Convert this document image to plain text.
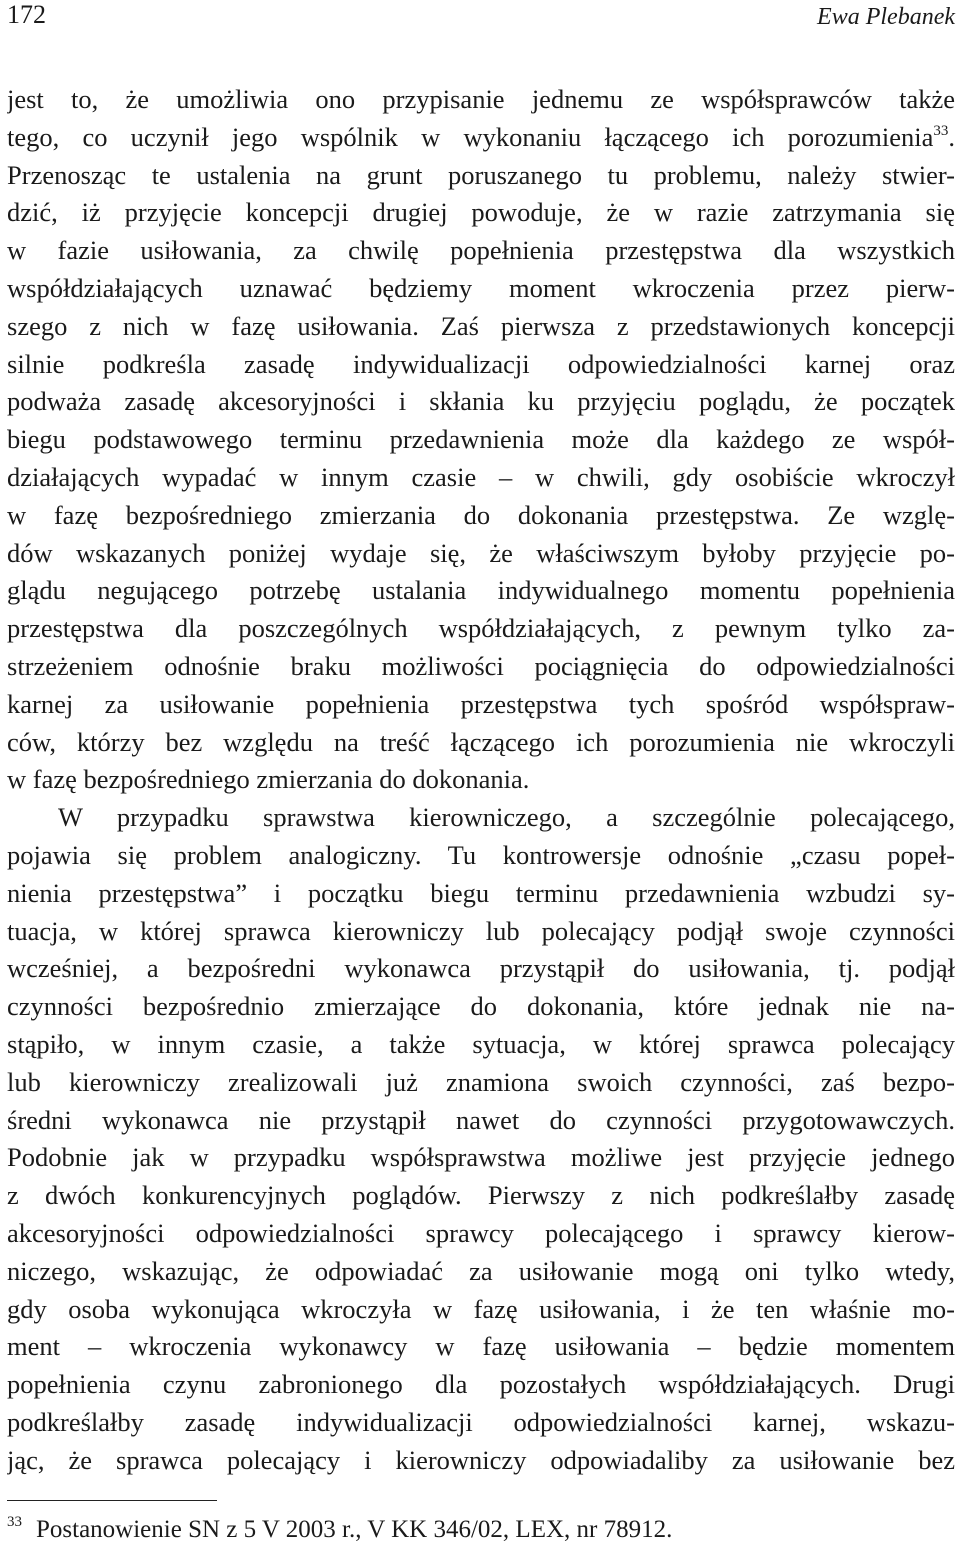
172	Ewa Plebanek
jest to, że umożliwia ono przypisanie jednemu ze współsprawców także
tego, co uczynił jego wspólnik w wykonaniu łączącego ich porozumienia$^{33}$.
Przenosząc te ustalenia na grunt poruszanego tu problemu, należy stwier-
dzić, iż przyjęcie koncepcji drugiej powoduje, że w razie zatrzymania się
w fazie usiłowania, za chwilę popełnienia przestępstwa dla wszystkich
współdziałających uznawać będziemy moment wkroczenia przez pierw-
szego z nich w fazę usiłowania. Zaś pierwsza z przedstawionych koncepcji
silnie podkreśla zasadę indywidualizacji odpowiedzialności karnej oraz
podważa zasadę akcesoryjności i skłania ku przyjęciu poglądu, że początek
biegu podstawowego terminu przedawnienia może dla każdego ze współ-
działających wypadać w innym czasie – w chwili, gdy osobiście wkroczył
w fazę bezpośredniego zmierzania do dokonania przestępstwa. Ze wzglę-
dów wskazanych poniżej wydaje się, że właściwszym byłoby przyjęcie po-
glądu negującego potrzebę ustalania indywidualnego momentu popełnienia
przestępstwa dla poszczególnych współdziałających, z pewnym tylko za-
strzeżeniem odnośnie braku możliwości pociągnięcia do odpowiedzialności
karnej za usiłowanie popełnienia przestępstwa tych spośród współspraw-
ców, którzy bez względu na treść łączącego ich porozumienia nie wkroczyli
w fazę bezpośredniego zmierzania do dokonania.
W przypadku sprawstwa kierowniczego, a szczególnie polecającego,
pojawia się problem analogiczny. Tu kontrowersje odnośnie „czasu popeł-
nienia przestępstwa” i początku biegu terminu przedawnienia wzbudzi sy-
tuacja, w której sprawca kierowniczy lub polecający podjął swoje czynności
wcześniej, a bezpośredni wykonawca przystąpił do usiłowania, tj. podjął
czynności bezpośrednio zmierzające do dokonania, które jednak nie na-
stąpiło, w innym czasie, a także sytuacja, w której sprawca polecający
lub kierowniczy zrealizowali już znamiona swoich czynności, zaś bezpo-
średni wykonawca nie przystąpił nawet do czynności przygotowawczych.
Podobnie jak w przypadku współsprawstwa możliwe jest przyjęcie jednego
z dwóch konkurencyjnych poglądów. Pierwszy z nich podkreślałby zasadę
akcesoryjności odpowiedzialności sprawcy polecającego i sprawcy kierow-
niczego, wskazując, że odpowiadać za usiłowanie mogą oni tylko wtedy,
gdy osoba wykonująca wkroczyła w fazę usiłowania, i że ten właśnie mo-
ment – wkroczenia wykonawcy w fazę usiłowania – będzie momentem
popełnienia czynu zabronionego dla pozostałych współdziałających. Drugi
podkreślałby zasadę indywidualizacji odpowiedzialności karnej, wskazu-
jąc, że sprawca polecający i kierowniczy odpowiadaliby za usiłowanie bez
$^{33}$ Postanowienie SN z 5 V 2003 r., V KK 346/02, LEX, nr 78912.
